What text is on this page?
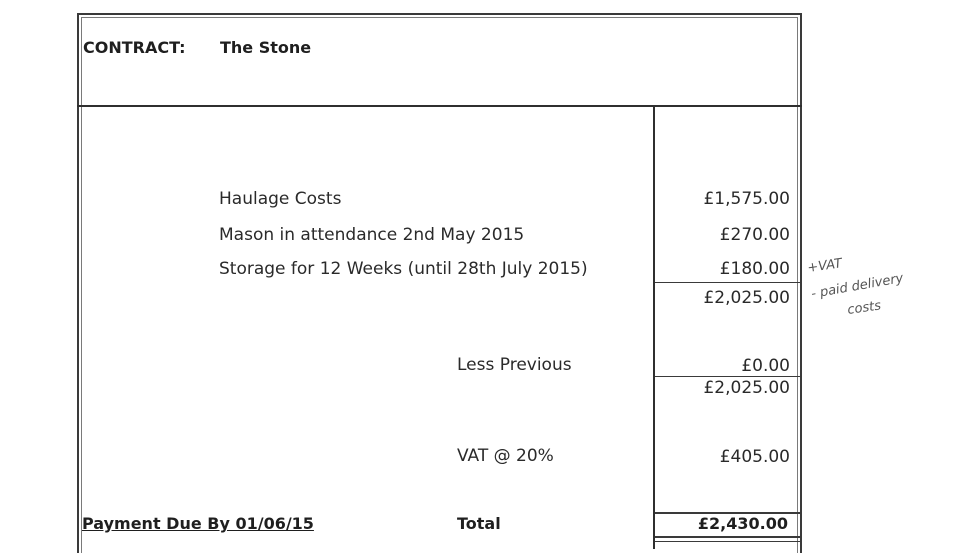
CONTRACT: The Stone
Haulage Costs	£1,575.00
Mason in attendance 2nd May 2015	£270.00
Storage for 12 Weeks (until 28th July 2015)	£180.00
£2,025.00
Less Previous	£0.00
£2,025.00
VAT @ 20%	£405.00
Payment Due By 01/06/15	Total	£2,430.00
+VAT
- paid delivery
costs
